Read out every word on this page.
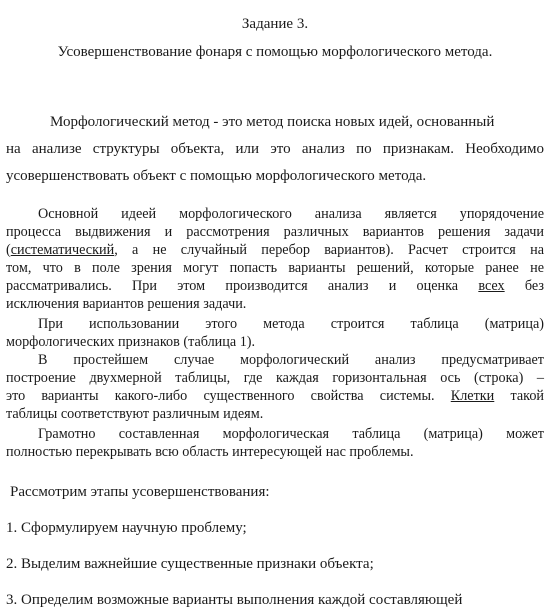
Задание 3.

Усовершенствование фонаря с помощью морфологического метода.

Морфологический метод - это метод поиска новых идей, основанный

на анализе структуры объекта, или это анализ по признакам. Необходимо

усовершенствовать объект с помощью морфологического метода.

Основной идеей морфологического анализа является упорядочение

процесса выдвижения и рассмотрения различных вариантов решения задачи

(систематический, а не случайный перебор вариантов). Расчет строится на

том, что в поле зрения могут попасть варианты решений, которые ранее не

рассматривались. При этом производится анализ и оценка всех без

исключения вариантов решения задачи.

При использовании этого метода строится таблица (матрица)

морфологических признаков (таблица 1).

В простейшем случае морфологический анализ предусматривает

построение двухмерной таблицы, где каждая горизонтальная ось (строка) –

это варианты какого-либо существенного свойства системы. Клетки такой

таблицы соответствуют различным идеям.

Грамотно составленная морфологическая таблица (матрица) может

полностью перекрывать всю область интересующей нас проблемы.

Рассмотрим этапы усовершенствования:

1. Сформулируем научную проблему;

2. Выделим важнейшие существенные признаки объекта;

3. Определим возможные варианты выполнения каждой составляющей
